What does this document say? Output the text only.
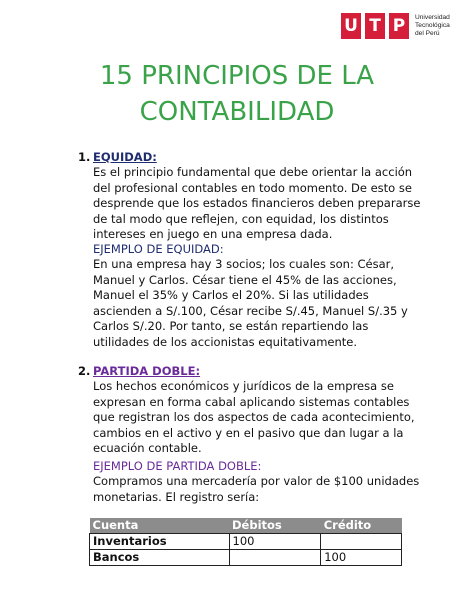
U T P	Universidad
Tecnológica
del Perú
15 PRINCIPIOS DE LA
CONTABILIDAD
1. EQUIDAD:
Es el principio fundamental que debe orientar la acción
del profesional contables en todo momento. De esto se
desprende que los estados financieros deben prepararse
de tal modo que reflejen, con equidad, los distintos
intereses en juego en una empresa dada.
EJEMPLO DE EQUIDAD:
En una empresa hay 3 socios; los cuales son: César,
Manuel y Carlos. César tiene el 45% de las acciones,
Manuel el 35% y Carlos el 20%. Si las utilidades
ascienden a S/.100, César recibe S/.45, Manuel S/.35 y
Carlos S/.20. Por tanto, se están repartiendo las
utilidades de los accionistas equitativamente.
2. PARTIDA DOBLE:
Los hechos económicos y jurídicos de la empresa se
expresan en forma cabal aplicando sistemas contables
que registran los dos aspectos de cada acontecimiento,
cambios en el activo y en el pasivo que dan lugar a la
ecuación contable.
EJEMPLO DE PARTIDA DOBLE:
Compramos una mercadería por valor de $100 unidades
monetarias. El registro sería:
Cuenta	Débitos	Crédito
Inventarios	100	
Bancos		100
